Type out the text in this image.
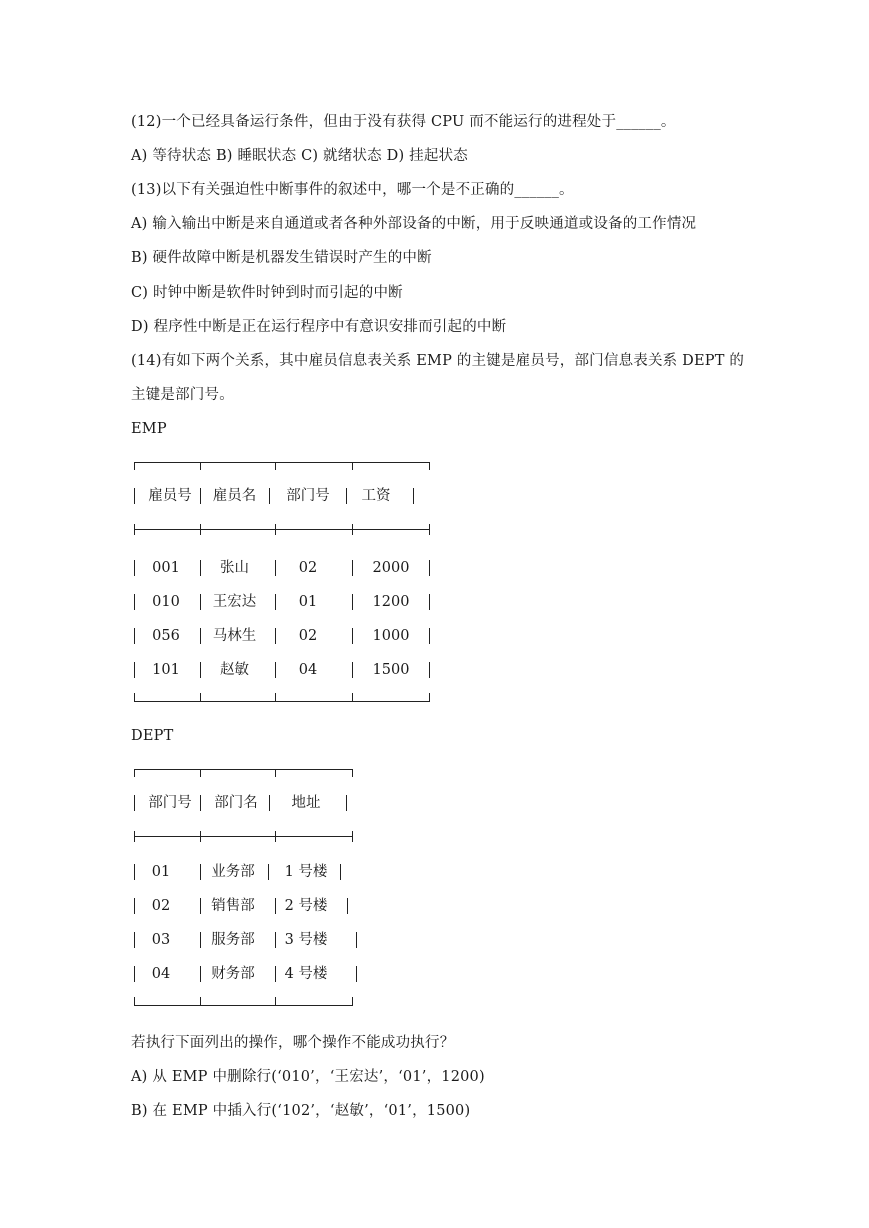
(12)一个已经具备运行条件，但由于没有获得 CPU 而不能运行的进程处于______。
A) 等待状态 B) 睡眠状态 C) 就绪状态 D) 挂起状态
(13)以下有关强迫性中断事件的叙述中，哪一个是不正确的______。
A) 输入输出中断是来自通道或者各种外部设备的中断，用于反映通道或设备的工作情况
B) 硬件故障中断是机器发生错误时产生的中断
C) 时钟中断是软件时钟到时而引起的中断
D) 程序性中断是正在运行程序中有意识安排而引起的中断
(14)有如下两个关系，其中雇员信息表关系 EMP 的主键是雇员号，部门信息表关系 DEPT 的
主键是部门号。
EMP
雇员号	雇员名	部门号	工资
001	张山	02	2000
010	王宏达	01	1200
056	马林生	02	1000
101	赵敏	04	1500
DEPT
部门号	部门名	地址
01	业务部	1 号楼
02	销售部	2 号楼
03	服务部	3 号楼
04	财务部	4 号楼
若执行下面列出的操作，哪个操作不能成功执行？
A) 从 EMP 中删除行(‘010’，‘王宏达’，‘01’，1200)
B) 在 EMP 中插入行(‘102’，‘赵敏’，‘01’，1500)
